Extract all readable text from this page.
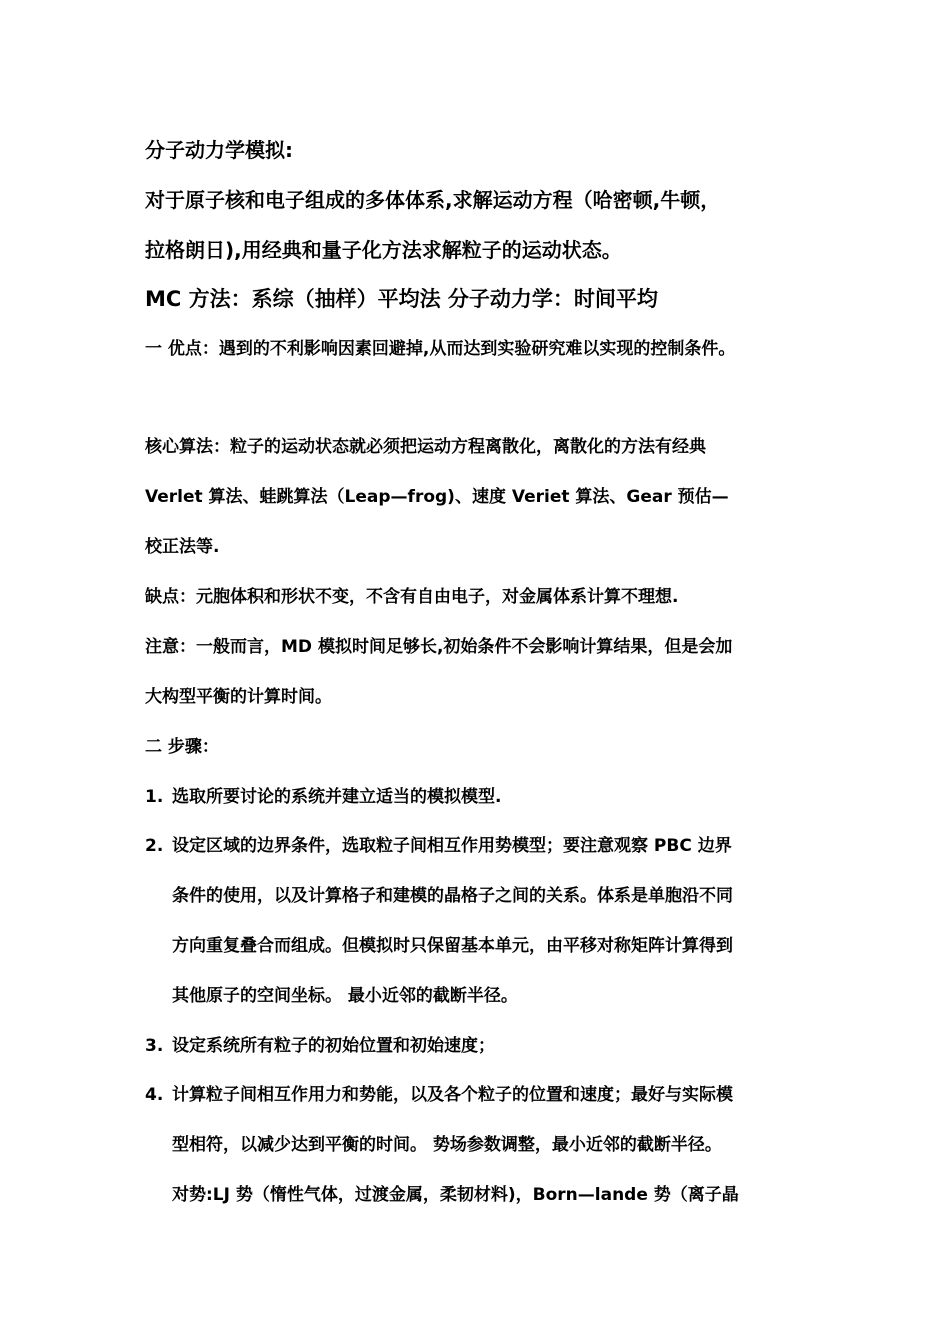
分子动力学模拟:
对于原子核和电子组成的多体体系,求解运动方程（哈密顿,牛顿，
拉格朗日),用经典和量子化方法求解粒子的运动状态。
MC 方法：系综（抽样）平均法 分子动力学：时间平均
一 优点：遇到的不利影响因素回避掉,从而达到实验研究难以实现的控制条件。
核心算法：粒子的运动状态就必须把运动方程离散化，离散化的方法有经典
Verlet 算法、蛙跳算法（Leap—frog)、速度 Veriet 算法、Gear 预估—
校正法等.
缺点：元胞体积和形状不变，不含有自由电子，对金属体系计算不理想.
注意：一般而言，MD 模拟时间足够长,初始条件不会影响计算结果，但是会加
大构型平衡的计算时间。
二 步骤：
1. 选取所要讨论的系统并建立适当的模拟模型.
2. 设定区域的边界条件，选取粒子间相互作用势模型；要注意观察 PBC 边界
条件的使用，以及计算格子和建模的晶格子之间的关系。体系是单胞沿不同
方向重复叠合而组成。但模拟时只保留基本单元，由平移对称矩阵计算得到
其他原子的空间坐标。 最小近邻的截断半径。
3. 设定系统所有粒子的初始位置和初始速度；
4. 计算粒子间相互作用力和势能，以及各个粒子的位置和速度；最好与实际模
型相符，以减少达到平衡的时间。 势场参数调整，最小近邻的截断半径。
对势:LJ 势（惰性气体，过渡金属，柔韧材料)，Born—lande 势（离子晶
